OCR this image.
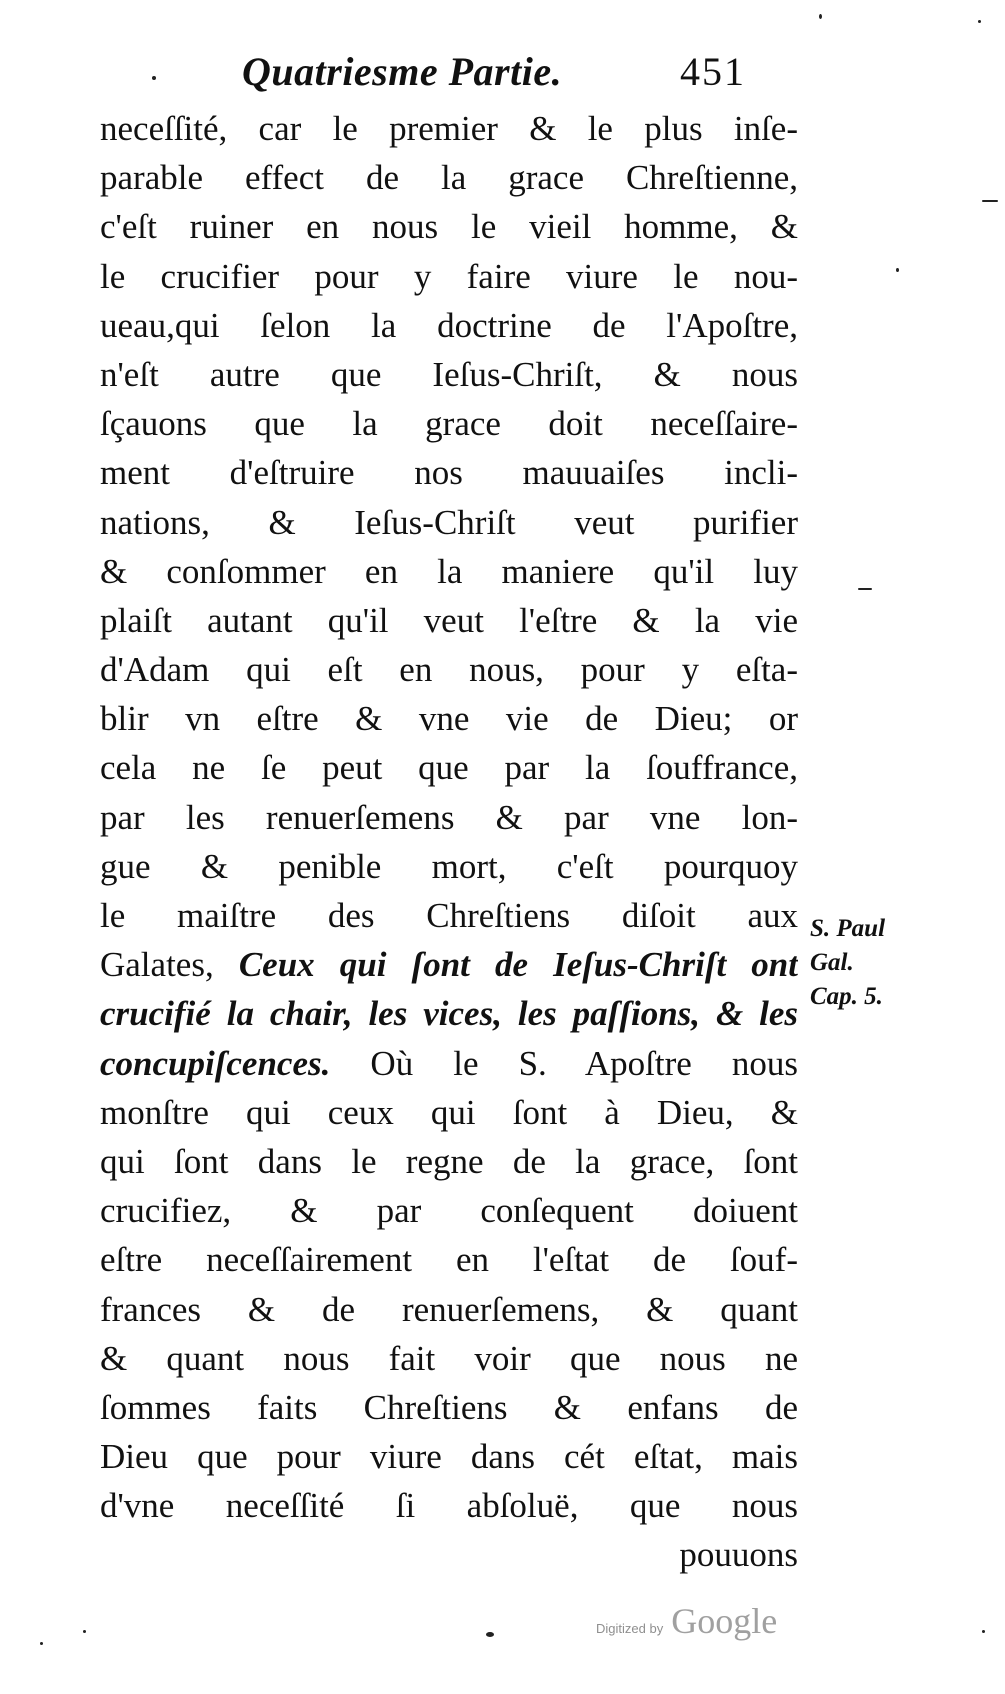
Quatriesme Partie.	451
neceſſité, car le premier & le plus inſe-
parable effect de la grace Chreſtienne,
c'eſt ruiner en nous le vieil homme, &
le crucifier pour y faire viure le nou-
ueau,qui ſelon la doctrine de l'Apoſtre,
n'eſt autre que Ieſus-Chriſt, & nous
ſçauons que la grace doit neceſſaire-
ment d'eſtruire nos mauuaiſes incli-
nations, & Ieſus-Chriſt veut purifier
& conſommer en la maniere qu'il luy
plaiſt autant qu'il veut l'eſtre & la vie
d'Adam qui eſt en nous, pour y eſta-
blir vn eſtre & vne vie de Dieu; or
cela ne ſe peut que par la ſouffrance,
par les renuerſemens & par vne lon-
gue & penible mort, c'eſt pourquoy
le maiſtre des Chreſtiens diſoit aux
Galates, Ceux qui ſont de Ieſus-Chriſt ont
crucifié la chair, les vices, les paſſions, & les
concupiſcences. Où le S. Apoſtre nous
monſtre qui ceux qui ſont à Dieu, &
qui ſont dans le regne de la grace, ſont
crucifiez, & par conſequent doiuent
eſtre neceſſairement en l'eſtat de ſouf-
frances & de renuerſemens, & quant
& quant nous fait voir que nous ne
ſommes faits Chreſtiens & enfans de
Dieu que pour viure dans cét eſtat, mais
d'vne neceſſité ſi abſoluë, que nous
pouuons
S. Paul
Gal.
Cap. 5.
Digitized by Google
